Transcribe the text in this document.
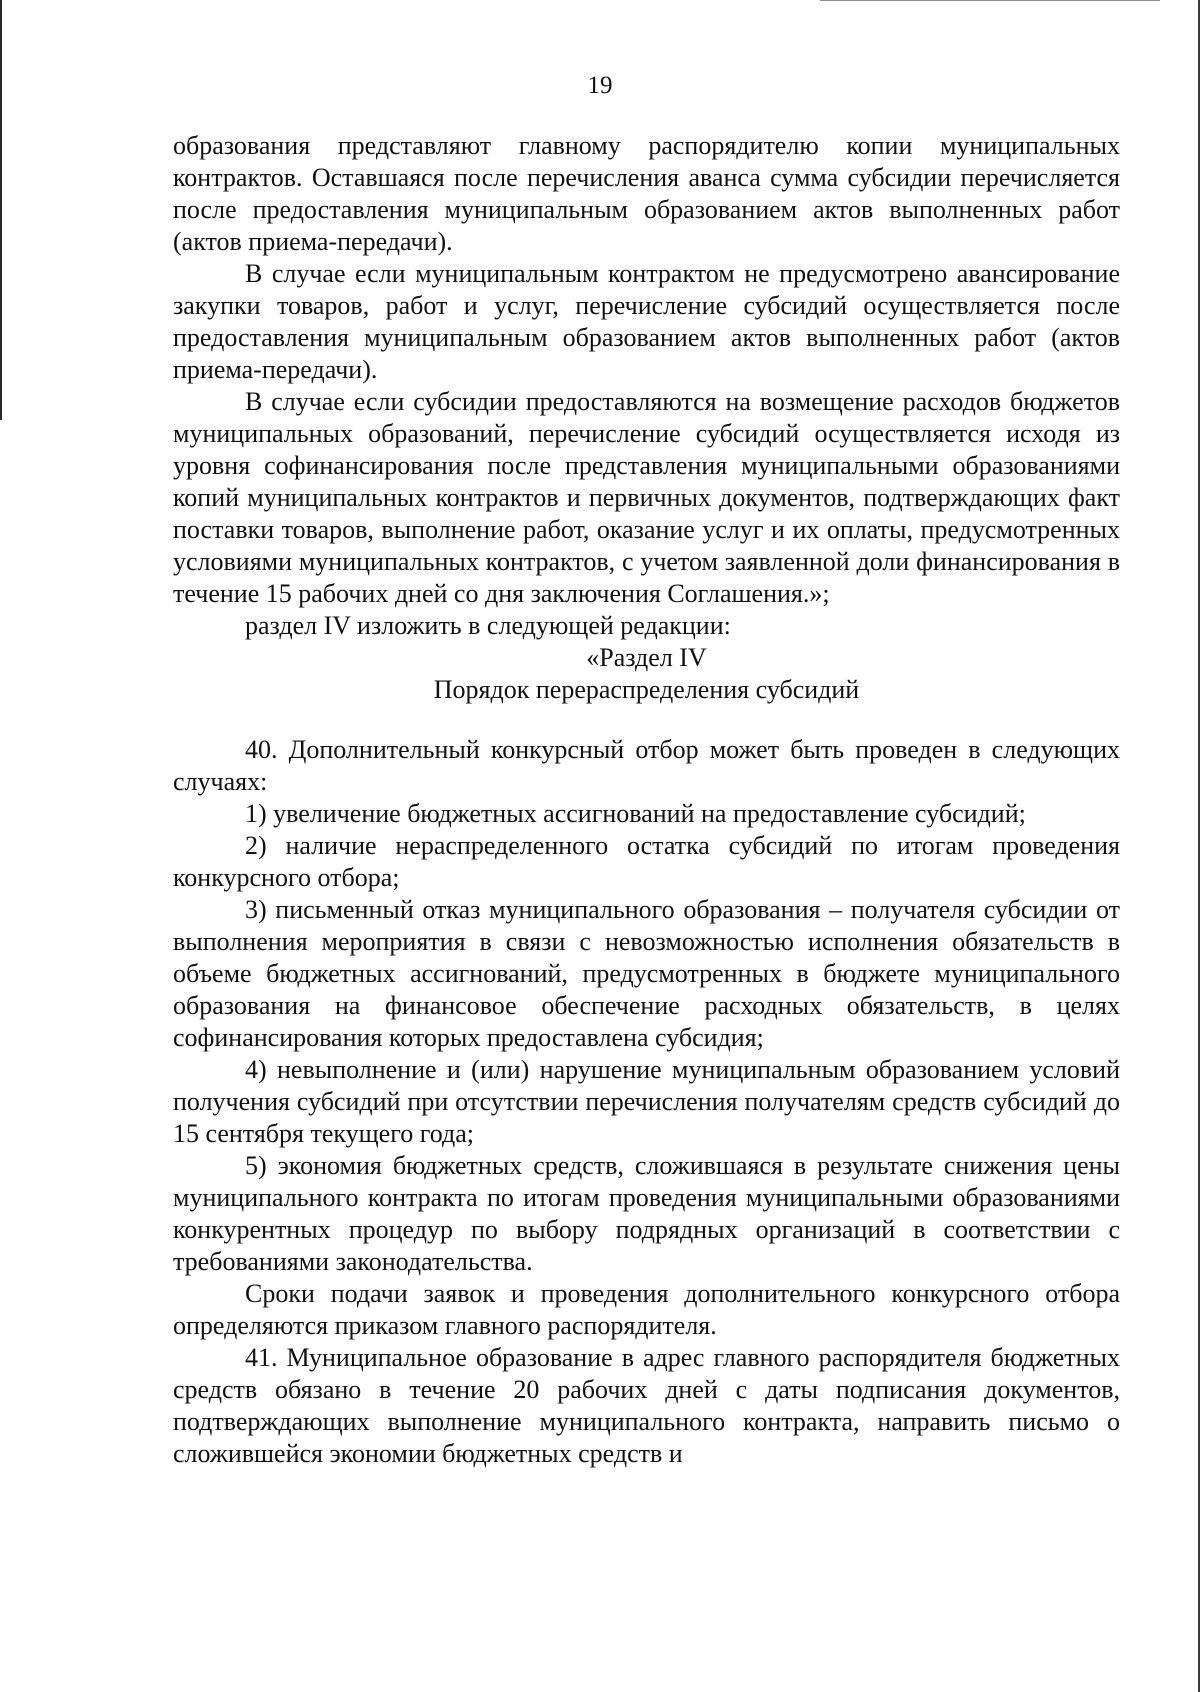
19

образования представляют главному распорядителю копии муниципальных контрактов. Оставшаяся после перечисления аванса сумма субсидии перечисляется после предоставления муниципальным образованием актов выполненных работ (актов приема-передачи).

В случае если муниципальным контрактом не предусмотрено авансирование закупки товаров, работ и услуг, перечисление субсидий осуществляется после предоставления муниципальным образованием актов выполненных работ (актов приема-передачи).

В случае если субсидии предоставляются на возмещение расходов бюджетов муниципальных образований, перечисление субсидий осуществляется исходя из уровня софинансирования после представления муниципальными образованиями копий муниципальных контрактов и первичных документов, подтверждающих факт поставки товаров, выполнение работ, оказание услуг и их оплаты, предусмотренных условиями муниципальных контрактов, с учетом заявленной доли финансирования в течение 15 рабочих дней со дня заключения Соглашения.»;

раздел IV изложить в следующей редакции:

«Раздел IV

Порядок перераспределения субсидий

40. Дополнительный конкурсный отбор может быть проведен в следующих случаях:

1) увеличение бюджетных ассигнований на предоставление субсидий;

2) наличие нераспределенного остатка субсидий по итогам проведения конкурсного отбора;

3) письменный отказ муниципального образования – получателя субсидии от выполнения мероприятия в связи с невозможностью исполнения обязательств в объеме бюджетных ассигнований, предусмотренных в бюджете муниципального образования на финансовое обеспечение расходных обязательств, в целях софинансирования которых предоставлена субсидия;

4) невыполнение и (или) нарушение муниципальным образованием условий получения субсидий при отсутствии перечисления получателям средств субсидий до 15 сентября текущего года;

5) экономия бюджетных средств, сложившаяся в результате снижения цены муниципального контракта по итогам проведения муниципальными образованиями конкурентных процедур по выбору подрядных организаций в соответствии с требованиями законодательства.

Сроки подачи заявок и проведения дополнительного конкурсного отбора определяются приказом главного распорядителя.

41. Муниципальное образование в адрес главного распорядителя бюджетных средств обязано в течение 20 рабочих дней с даты подписания документов, подтверждающих выполнение муниципального контракта, направить письмо о сложившейся экономии бюджетных средств и
